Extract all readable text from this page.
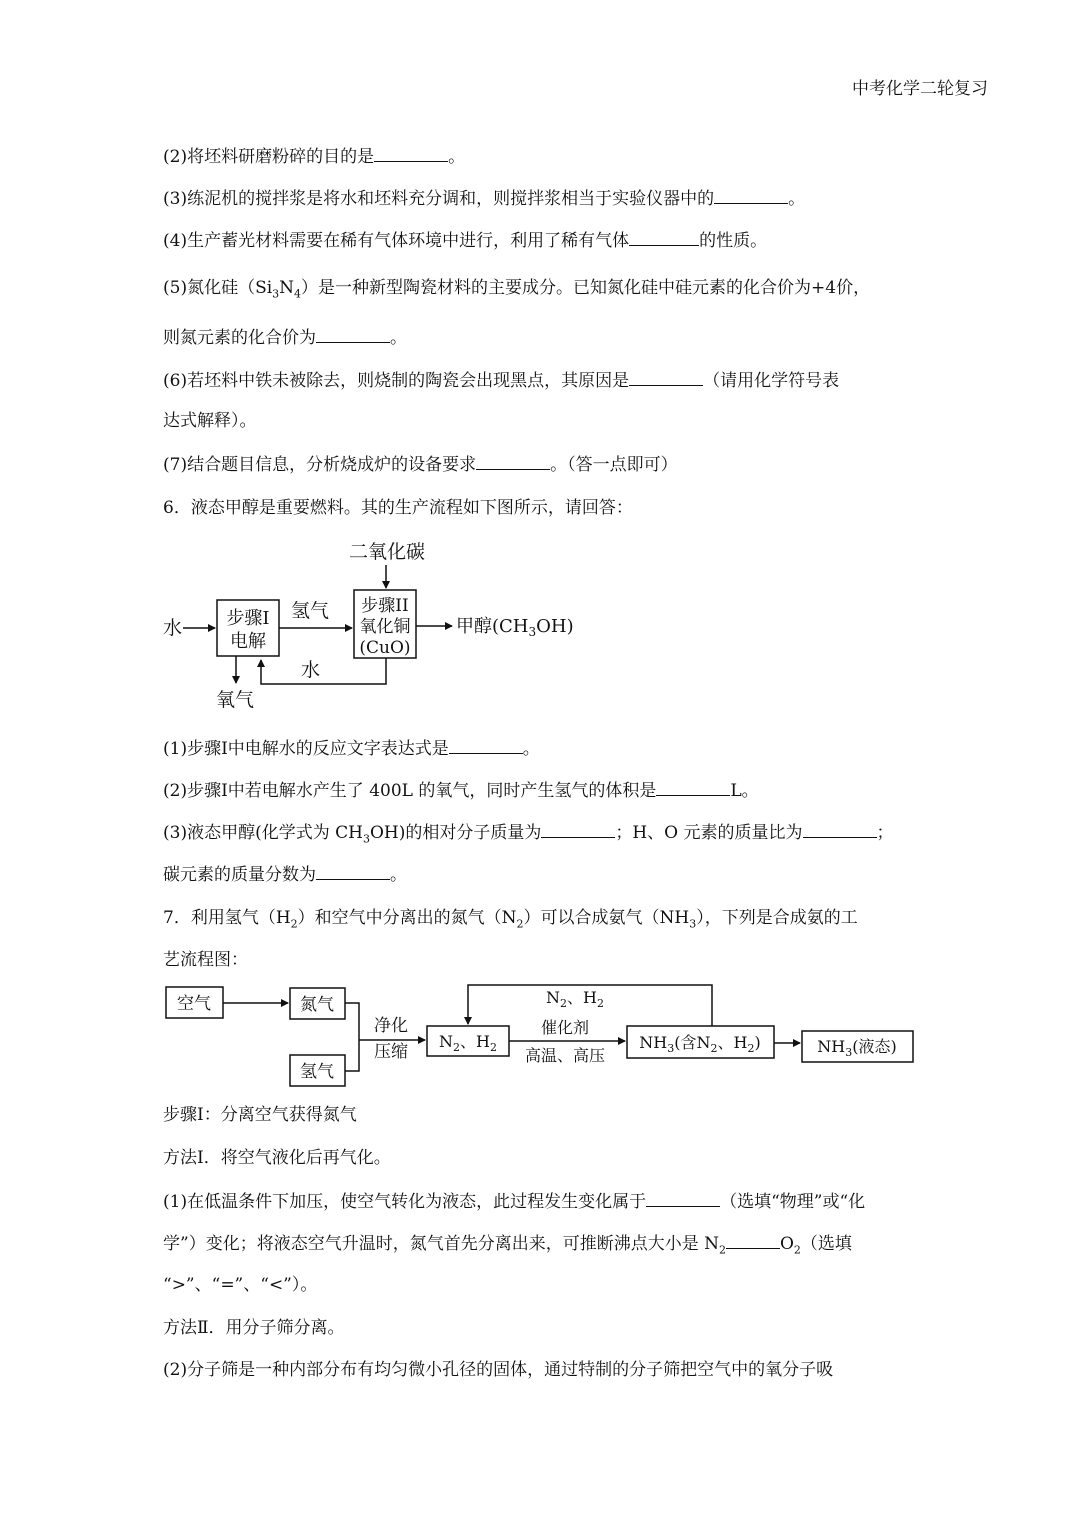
中考化学二轮复习
(2)将坯料研磨粉碎的目的是	。
(3)练泥机的搅拌浆是将水和坯料充分调和，则搅拌浆相当于实验仪器中的	。
(4)生产蓄光材料需要在稀有气体环境中进行，利用了稀有气体	的性质。
(5)氮化硅$(Si_3N_4)$是一种新型陶瓷材料的主要成分。已知氮化硅中硅元素的化合价为+4价，
则氮元素的化合价为	。
(6)若坯料中铁未被除去，则烧制的陶瓷会出现黑点，其原因是	（请用化学符号表
达式解释）。
(7)结合题目信息，分析烧成炉的设备要求	。（答一点即可）
6．液态甲醇是重要燃料。其的生产流程如下图所示，请回答：
二氧化碳
水 步骤I
电解
氢气 步骤II
氧化铜
(CuO)
甲醇$(CH_3OH)$
水
氧气
空气	氮气
氢气
净化
压缩
$N_2$、$H_2$
催化剂
高温、高压
$NH_3$(含$N_2$、$H_2$)	$NH_3$(液态)
$N_2$、$H_2$
(1)步骤Ⅰ中电解水的反应文字表达式是	。
(2)步骤Ⅰ中若电解水产生了 400L 的氧气，同时产生氢气的体积是	L。
(3)液态甲醇(化学式为 $CH_3OH$)的相对分子质量为	；H、O 元素的质量比为	；
碳元素的质量分数为	。
7．利用氢气$(H_2)$和空气中分离出的氮气$(N_2)$可以合成氨气$(NH_3)$，下列是合成氨的工
艺流程图：
步骤Ⅰ：分离空气获得氮气
方法Ⅰ．将空气液化后再气化。
(1)在低温条件下加压，使空气转化为液态，此过程发生变化属于	（选填“物理”或“化
学”）变化；将液态空气升温时，氮气首先分离出来，可推断沸点大小是 $N_2$	$O_2$（选填
“>”、“=”、“<”）。
方法Ⅱ．用分子筛分离。
(2)分子筛是一种内部分布有均匀微小孔径的固体，通过特制的分子筛把空气中的氧分子吸
